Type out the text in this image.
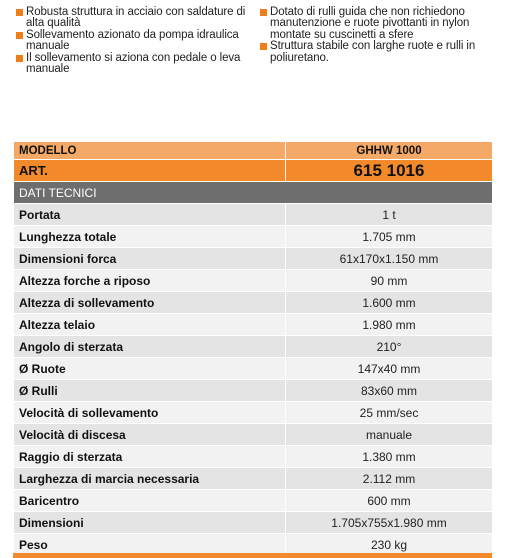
Robusta struttura in acciaio con saldature di alta qualità
Sollevamento azionato da pompa idraulica manuale
Il sollevamento si aziona con pedale o leva manuale
Dotato di rulli guida che non richiedono manutenzione e ruote pivottanti in nylon montate su cuscinetti a sfere
Struttura stabile con larghe ruote e rulli in poliuretano.
MODELLO	GHHW 1000
ART.	615 1016
DATI TECNICI	
Portata	1 t
Lunghezza totale	1.705 mm
Dimensioni forca	61x170x1.150 mm
Altezza forche a riposo	90 mm
Altezza di sollevamento	1.600 mm
Altezza telaio	1.980 mm
Angolo di sterzata	210°
Ø Ruote	147x40 mm
Ø Rulli	83x60 mm
Velocità di sollevamento	25 mm/sec
Velocità di discesa	manuale
Raggio di sterzata	1.380 mm
Larghezza di marcia necessaria	2.112 mm
Baricentro	600 mm
Dimensioni	1.705x755x1.980 mm
Peso	230 kg
